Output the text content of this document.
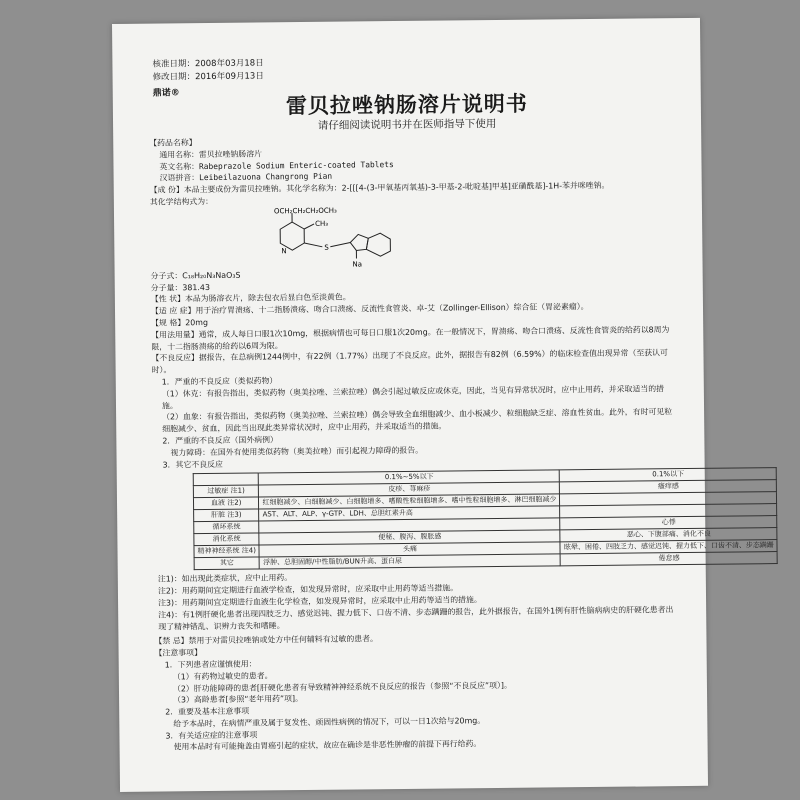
核准日期：2008年03月18日
修改日期：2016年09月13日
鼎诺®	雷贝拉唑钠肠溶片说明书
请仔细阅读说明书并在医师指导下使用
【药品名称】
通用名称：雷贝拉唑钠肠溶片
英文名称：Rabeprazole Sodium Enteric-coated Tablets
汉语拼音：Leibeilazuona Changrong Pian
【成 份】本品主要成份为雷贝拉唑钠。其化学名称为：2-[[[4-(3-甲氧基丙氧基)-3-甲基-2-吡啶基]甲基]亚磺酰基]-1H-苯并咪唑钠。
其化学结构式为：
N
OCH₂CH₂CH₂OCH₃
CH₃
S
Na
分子式：C₁₈H₂₀N₃NaO₃S
分子量：381.43
【性 状】本品为肠溶衣片，除去包衣后显白色至淡黄色。
【适 应 症】用于治疗胃溃疡、十二指肠溃疡、吻合口溃疡、反流性食管炎、卓-艾（Zollinger-Ellison）综合征（胃泌素瘤）。
【规 格】20mg
【用法用量】通常，成人每日口服1次10mg，根据病情也可每日口服1次20mg。在一般情况下，胃溃疡、吻合口溃疡、反流性食管炎的给药以8周为限，十二指肠溃疡的给药以6周为限。
【不良反应】据报告，在总病例1244例中，有22例（1.77%）出现了不良反应。此外，据报告有82例（6.59%）的临床检查值出现异常（至获认可时）。
1．严重的不良反应（类似药物）
（1）休克：有报告指出，类似药物（奥美拉唑、兰索拉唑）偶会引起过敏反应或休克，因此，当见有异常状况时，应中止用药，并采取适当的措施。
（2）血象：有报告指出，类似药物（奥美拉唑、兰索拉唑）偶会导致全血细胞减少、血小板减少、粒细胞缺乏症、溶血性贫血。此外，有时可见粒细胞减少、贫血，因此当出现此类异常状况时，应中止用药，并采取适当的措施。
2．严重的不良反应（国外病例）
视力障碍：在国外有使用类似药物（奥美拉唑）而引起视力障碍的报告。
3．其它不良反应
	0.1%~5%以下	0.1%以下
过敏症 注1)	皮疹、荨麻疹	瘙痒感
血液 注2)	红细胞减少、白细胞减少、白细胞增多、嗜酸性粒细胞增多、嗜中性粒细胞增多、淋巴细胞减少	
肝脏 注3)	AST、ALT、ALP、γ-GTP、LDH、总胆红素升高	
循环系统		心悸
消化系统	便秘、腹泻、腹胀感	恶心、下腹部痛、消化不良
精神神经系统 注4)	头痛	眩晕、困倦、四肢乏力、感觉迟钝、握力低下、口齿不清、步态蹒跚
其它	浮肿、总胆固醇/中性脂肪/BUN升高、蛋白尿	倦怠感
注1)：如出现此类症状，应中止用药。
注2)：用药期间宜定期进行血液学检查，如发现异常时，应采取中止用药等适当措施。
注3)：用药期间宜定期进行血液生化学检查，如发现异常时，应采取中止用药等适当的措施。
注4)：有1例肝硬化患者出现四肢乏力、感觉迟钝、握力低下、口齿不清、步态蹒跚的报告，此外据报告，在国外1例有肝性脑病病史的肝硬化患者出现了精神错乱、识辨力丧失和嗜睡。
【禁 忌】禁用于对雷贝拉唑钠或处方中任何辅料有过敏的患者。
【注意事项】
1．下列患者应谨慎使用：
（1）有药物过敏史的患者。
（2）肝功能障碍的患者[肝硬化患者有导致精神神经系统不良反应的报告（参照“不良反应”项）]。
（3）高龄患者[参照“老年用药”项]。
2．重要及基本注意事项
给予本品时，在病情严重及属于复发性、顽固性病例的情况下，可以一日1次给与20mg。
3．有关适应症的注意事项
使用本品时有可能掩盖由胃癌引起的症状，故应在确诊是非恶性肿瘤的前提下再行给药。
